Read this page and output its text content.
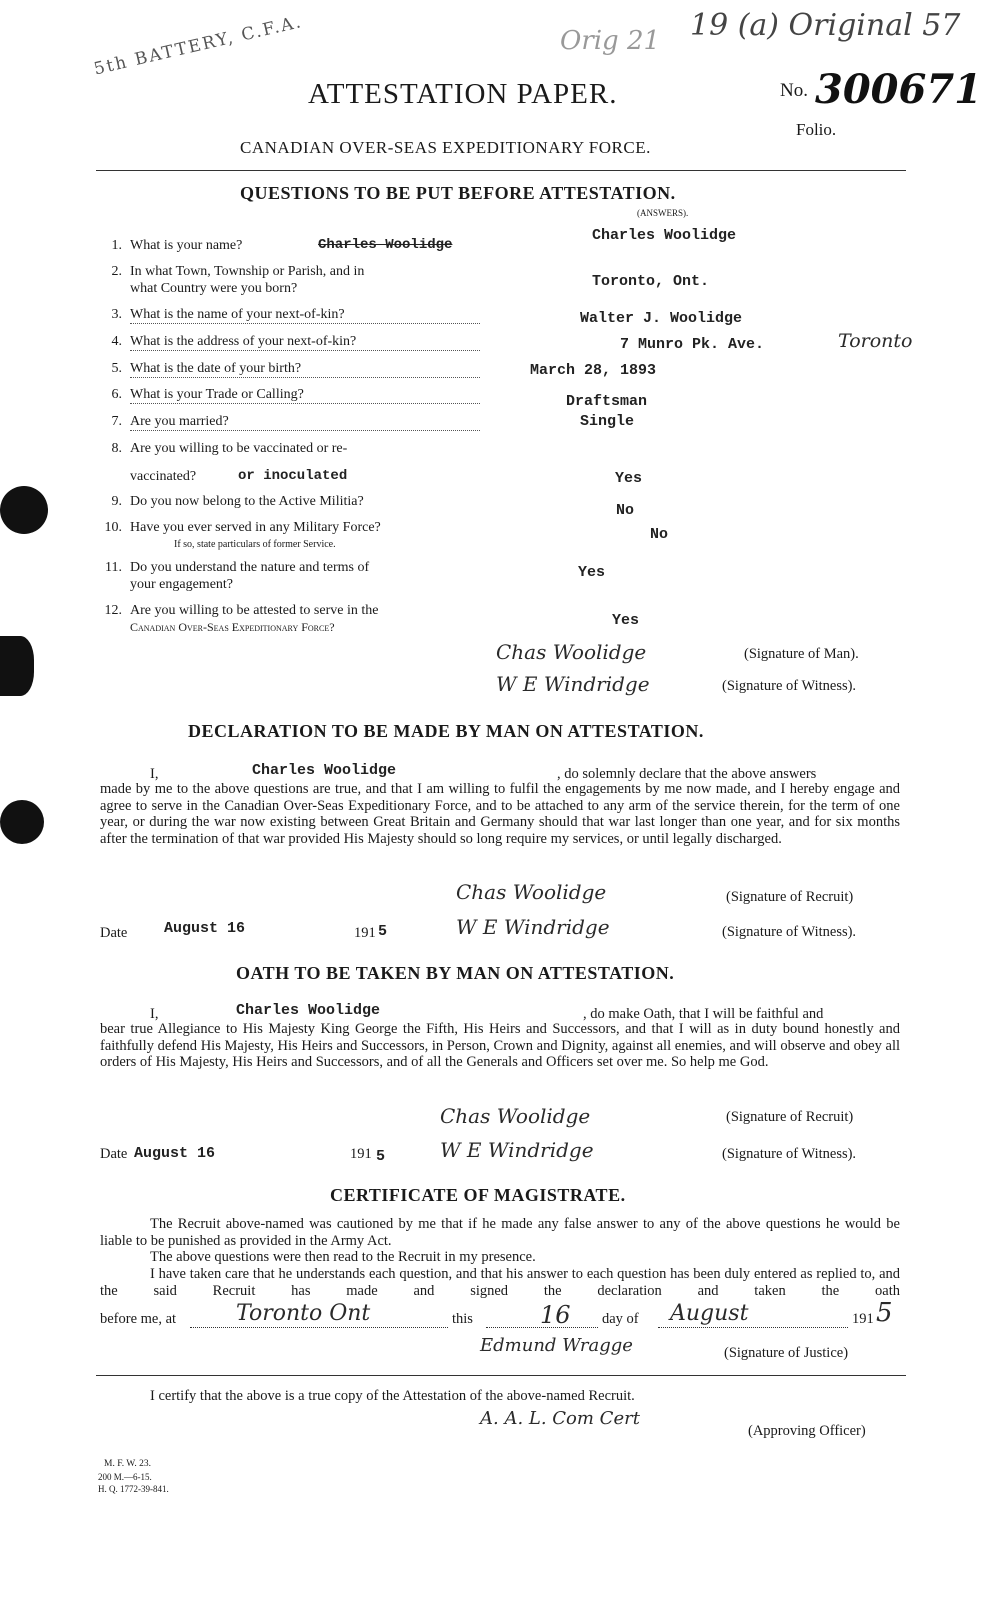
5th BATTERY, C.F.A.	Orig 21 19 (a) Original 57
ATTESTATION PAPER.	No. 300671
Folio.
CANADIAN OVER-SEAS EXPEDITIONARY FORCE.
QUESTIONS TO BE PUT BEFORE ATTESTATION.
(ANSWERS).
1. What is your name?	Charles Woolidge
Charles Woolidge
2. In what Town, Township or Parish, and in
what Country were you born?	Toronto, Ont.
3. What is the name of your next-of-kin?	Walter J. Woolidge
4. What is the address of your next-of-kin?	7 Munro Pk. Ave.	Toronto
5. What is the date of your birth?	March 28, 1893
6. What is your Trade or Calling?	Draftsman
7. Are you married?	Single
8. Are you willing to be vaccinated or re-
vaccinated?	or inoculated	Yes
9. Do you now belong to the Active Militia?
No
10. Have you ever served in any Military Force?
If so, state particulars of former Service.
No
11. Do you understand the nature and terms of
your engagement?
Yes
12. Are you willing to be attested to serve in the
Canadian Over-Seas Expeditionary Force?	Yes
Chas Woolidge	(Signature of Man).
W E Windridge	(Signature of Witness).
DECLARATION TO BE MADE BY MAN ON ATTESTATION.
I,	Charles Woolidge	, do solemnly declare that the above answers
made by me to the above questions are true, and that I am willing to fulfil the engagements by me now made, and I hereby engage and agree to serve in the Canadian Over-Seas Expeditionary Force, and to be attached to any arm of the service therein, for the term of one year, or during the war now existing between Great Britain and Germany should that war last longer than one year, and for six months after the termination of that war provided His Majesty should so long require my services, or until legally discharged.
Chas Woolidge	(Signature of Recruit)
Date August 16	191 5	W E Windridge	(Signature of Witness).
OATH TO BE TAKEN BY MAN ON ATTESTATION.
I,	Charles Woolidge	, do make Oath, that I will be faithful and
bear true Allegiance to His Majesty King George the Fifth, His Heirs and Successors, and that I will as in duty bound honestly and faithfully defend His Majesty, His Heirs and Successors, in Person, Crown and Dignity, against all enemies, and will observe and obey all orders of His Majesty, His Heirs and Successors, and of all the Generals and Officers set over me. So help me God.
Chas Woolidge	(Signature of Recruit)
Date August 16	191 5	W E Windridge	(Signature of Witness).
CERTIFICATE OF MAGISTRATE.
The Recruit above-named was cautioned by me that if he made any false answer to any of the above questions he would be liable to be punished as provided in the Army Act.
The above questions were then read to the Recruit in my presence.
I have taken care that he understands each question, and that his answer to each question has been duly entered as replied to, and the said Recruit has made and signed the declaration and taken the oath
before me, at	Toronto Ont	this	16 day of August	191 5
Edmund Wragge	(Signature of Justice)
I certify that the above is a true copy of the Attestation of the above-named Recruit.
A. A. L. Com Cert
(Approving Officer)
M. F. W. 23.
200 M.—6-15.
H. Q. 1772-39-841.
